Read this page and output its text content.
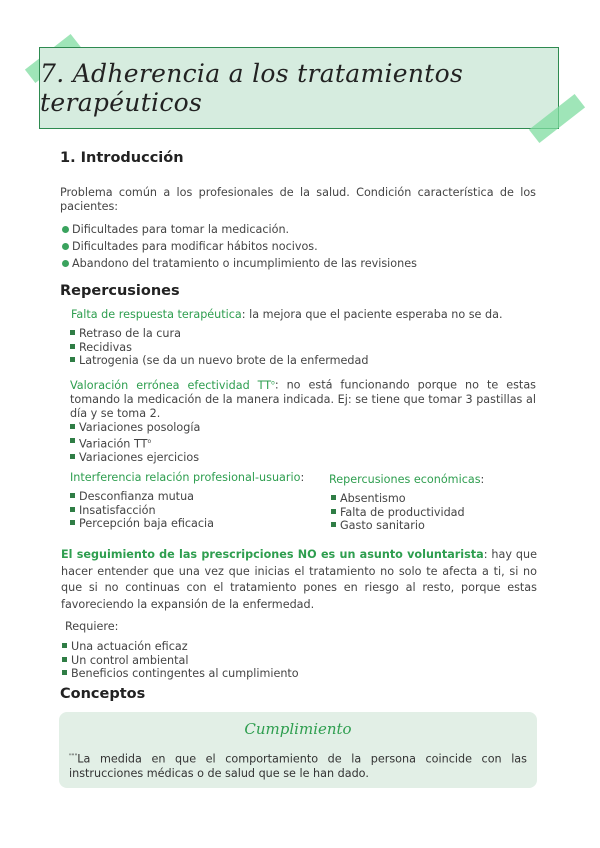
7. Adherencia a los tratamientos terapéuticos
1. Introducción

Problema común a los profesionales de la salud. Condición característica de los pacientes:

Dificultades para tomar la medicación.
Dificultades para modificar hábitos nocivos.
Abandono del tratamiento o incumplimiento de las revisiones
Repercusiones

Falta de respuesta terapéutica: la mejora que el paciente esperaba no se da.

Retraso de la cura
Recidivas
Latrogenia (se da un nuevo brote de la enfermedad

Valoración errónea efectividad $TT^o$: no está funcionando porque no te estas tomando la medicación de la manera indicada. Ej: se tiene que tomar 3 pastillas al día y se toma 2.

Variaciones posología
Variación $TT^o$
Variaciones ejercicios

Interferencia relación profesional-usuario:

Desconfianza mutua
Insatisfacción
Percepción baja eficacia

Repercusiones económicas:

Absentismo
Falta de productividad
Gasto sanitario

El seguimiento de las prescripciones NO es un asunto voluntarista: hay que hacer entender que una vez que inicias el tratamiento no solo te afecta a ti, si no que si no continuas con el tratamiento pones en riesgo al resto, porque estas favoreciendo la expansión de la enfermedad.

Requiere:

Una actuación eficaz
Un control ambiental
Beneficios contingentes al cumplimiento
Conceptos
Cumplimiento
"""La medida en que el comportamiento de la persona coincide con las instrucciones médicas o de salud que se le han dado.
